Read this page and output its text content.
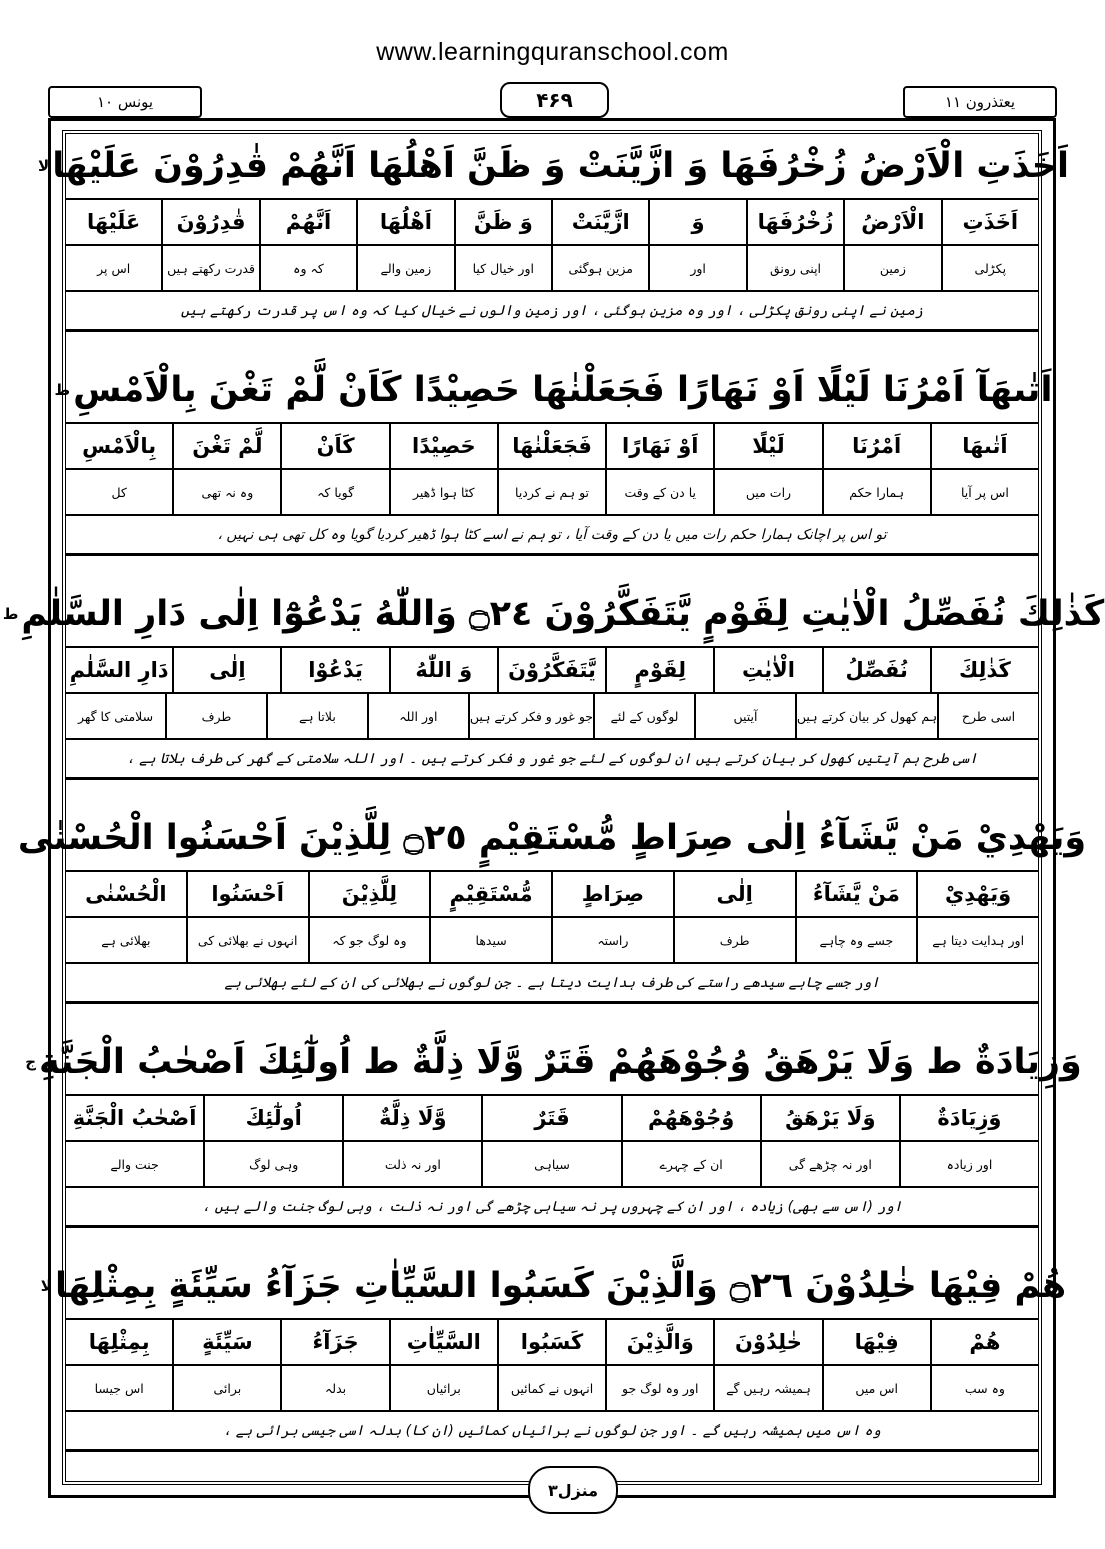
www.learningquranschool.com
یونس ۱۰	۴۶۹	یعتذرون ۱۱
اَخَذَتِ الْاَرْضُ زُخْرُفَهَا وَ ازَّيَّنَتْ وَ ظَنَّ اَهْلُهَا اَنَّهُمْ قٰدِرُوْنَ عَلَيْهَا
لا
اَخَذَتِ
الْاَرْضُ
زُخْرُفَهَا
وَ
ازَّيَّنَتْ
وَ ظَنَّ
اَهْلُهَا
اَنَّهُمْ
قٰدِرُوْنَ
عَلَيْهَا
پکڑلی
زمین
اپنی رونق
اور
مزین ہوگئی
اور خیال کیا
زمین والے
کہ وہ
قدرت رکھتے ہیں
اس پر
زمین نے اپنی رونق پکڑلی ، اور وہ مزین ہوگئی ، اور زمین والوں نے خیال کیا کہ وہ اس پر قدرت رکھتے ہیں
اَتٰىهَآ اَمْرُنَا لَيْلًا اَوْ نَهَارًا فَجَعَلْنٰهَا حَصِيْدًا كَاَنْ لَّمْ تَغْنَ بِالْاَمْسِ
ط
اَتٰىهَا
اَمْرُنَا
لَيْلًا
اَوْ نَهَارًا
فَجَعَلْنٰهَا
حَصِيْدًا
كَاَنْ
لَّمْ تَغْنَ
بِالْاَمْسِ
اس پر آیا
ہمارا حکم
رات میں
یا دن کے وقت
تو ہم نے کردیا
کٹا ہوا ڈھیر
گویا کہ
وہ نہ تھی
کل
تو اس پر اچانک ہمارا حکم رات میں یا دن کے وقت آیا ، تو ہم نے اسے کٹا ہوا ڈھیر کردیا گویا وہ کل تھی ہی نہیں ،
كَذٰلِكَ نُفَصِّلُ الْاٰيٰتِ لِقَوْمٍ يَّتَفَكَّرُوْنَ ۝٢٤ وَاللّٰهُ يَدْعُوْٓا اِلٰى دَارِ السَّلٰمِ
ط
كَذٰلِكَ
نُفَصِّلُ
الْاٰيٰتِ
لِقَوْمٍ
يَّتَفَكَّرُوْنَ
وَ اللّٰهُ
يَدْعُوْا
اِلٰى
دَارِ السَّلٰمِ
اسی طرح
ہم کھول کر بیان کرتے ہیں
آیتیں
لوگوں کے لئے
جو غور و فکر کرتے ہیں
اور اللہ
بلاتا ہے
طرف
سلامتی کا گھر
اسی طرح ہم آیتیں کھول کر بیان کرتے ہیں ان لوگوں کے لئے جو غور و فکر کرتے ہیں ۔ اور اللہ سلامتی کے گھر کی طرف بلاتا ہے ،
وَيَهْدِيْ مَنْ يَّشَآءُ اِلٰى صِرَاطٍ مُّسْتَقِيْمٍ ۝٢٥ لِلَّذِيْنَ اَحْسَنُوا الْحُسْنٰى
وَيَهْدِيْ
مَنْ يَّشَآءُ
اِلٰى
صِرَاطٍ
مُّسْتَقِيْمٍ
لِلَّذِيْنَ
اَحْسَنُوا
الْحُسْنٰى
اور ہدایت دیتا ہے
جسے وہ چاہے
طرف
راستہ
سیدھا
وہ لوگ جو کہ
انہوں نے بھلائی کی
بھلائی ہے
اور جسے چاہے سیدھے راستے کی طرف ہدایت دیتا ہے ۔ جن لوگوں نے بھلائی کی ان کے لئے بھلائی ہے
وَزِيَادَةٌ ط وَلَا يَرْهَقُ وُجُوْهَهُمْ قَتَرٌ وَّلَا ذِلَّةٌ ط اُولٰٓئِكَ اَصْحٰبُ الْجَنَّةِ
ج
وَزِيَادَةٌ
وَلَا يَرْهَقُ
وُجُوْهَهُمْ
قَتَرٌ
وَّلَا ذِلَّةٌ
اُولٰٓئِكَ
اَصْحٰبُ الْجَنَّةِ
اور زیادہ
اور نہ چڑھے گی
ان کے چہرے
سیاہی
اور نہ ذلت
وہی لوگ
جنت والے
اور (اس سے بھی) زیادہ ، اور ان کے چہروں پر نہ سیاہی چڑھے گی اور نہ ذلت ، وہی لوگ جنت والے ہیں ،
هُمْ فِيْهَا خٰلِدُوْنَ ۝٢٦ وَالَّذِيْنَ كَسَبُوا السَّيِّاٰتِ جَزَآءُ سَيِّئَةٍ بِمِثْلِهَا
لا
هُمْ
فِيْهَا
خٰلِدُوْنَ
وَالَّذِيْنَ
كَسَبُوا
السَّيِّاٰتِ
جَزَآءُ
سَيِّئَةٍ
بِمِثْلِهَا
وہ سب
اس میں
ہمیشہ رہیں گے
اور وہ لوگ جو
انہوں نے کمائیں
برائیاں
بدلہ
برائی
اس جیسا
وہ اس میں ہمیشہ رہیں گے ۔ اور جن لوگوں نے برائیاں کمائیں (ان کا) بدلہ اسی جیسی برائی ہے ،
منزل۳
